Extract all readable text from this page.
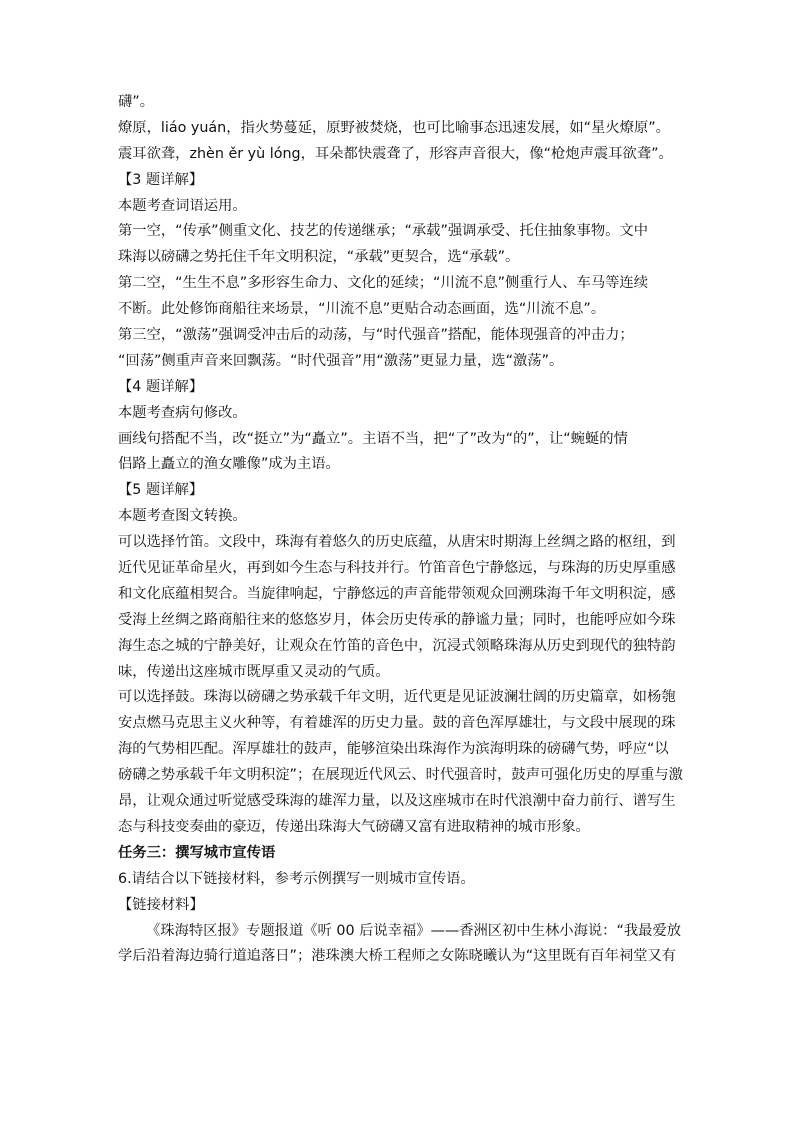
礴”。
燎原，liáo yuán，指火势蔓延，原野被焚烧，也可比喻事态迅速发展，如“星火燎原”。
震耳欲聋，zhèn ěr yù lóng，耳朵都快震聋了，形容声音很大，像“枪炮声震耳欲聋”。
【3 题详解】
本题考查词语运用。
第一空，“传承”侧重文化、技艺的传递继承；“承载”强调承受、托住抽象事物。文中
珠海以磅礴之势托住千年文明积淀，“承载”更契合，选“承载”。
第二空，“生生不息”多形容生命力、文化的延续；“川流不息”侧重行人、车马等连续
不断。此处修饰商船往来场景，“川流不息”更贴合动态画面，选“川流不息”。
第三空，“激荡”强调受冲击后的动荡，与“时代强音”搭配，能体现强音的冲击力；
“回荡”侧重声音来回飘荡。“时代强音”用“激荡”更显力量，选“激荡”。
【4 题详解】
本题考查病句修改。
画线句搭配不当，改“挺立”为“矗立”。主语不当，把“了”改为“的”，让“蜿蜒的情
侣路上矗立的渔女雕像”成为主语。
【5 题详解】
本题考查图文转换。
可以选择竹笛。文段中，珠海有着悠久的历史底蕴，从唐宋时期海上丝绸之路的枢纽，到
近代见证革命星火，再到如今生态与科技并行。竹笛音色宁静悠远，与珠海的历史厚重感
和文化底蕴相契合。当旋律响起，宁静悠远的声音能带领观众回溯珠海千年文明积淀，感
受海上丝绸之路商船往来的悠悠岁月，体会历史传承的静谧力量；同时，也能呼应如今珠
海生态之城的宁静美好，让观众在竹笛的音色中，沉浸式领略珠海从历史到现代的独特韵
味，传递出这座城市既厚重又灵动的气质。
可以选择鼓。珠海以磅礴之势承载千年文明，近代更是见证波澜壮阔的历史篇章，如杨匏
安点燃马克思主义火种等，有着雄浑的历史力量。鼓的音色浑厚雄壮，与文段中展现的珠
海的气势相匹配。浑厚雄壮的鼓声，能够渲染出珠海作为滨海明珠的磅礴气势，呼应“以
磅礴之势承载千年文明积淀”；在展现近代风云、时代强音时，鼓声可强化历史的厚重与激
昂，让观众通过听觉感受珠海的雄浑力量，以及这座城市在时代浪潮中奋力前行、谱写生
态与科技变奏曲的豪迈，传递出珠海大气磅礴又富有进取精神的城市形象。
任务三：撰写城市宣传语
6.请结合以下链接材料，参考示例撰写一则城市宣传语。
【链接材料】
《珠海特区报》专题报道《听 00 后说幸福》——香洲区初中生林小海说：“我最爱放
学后沿着海边骑行道追落日”；港珠澳大桥工程师之女陈晓曦认为“这里既有百年祠堂又有
